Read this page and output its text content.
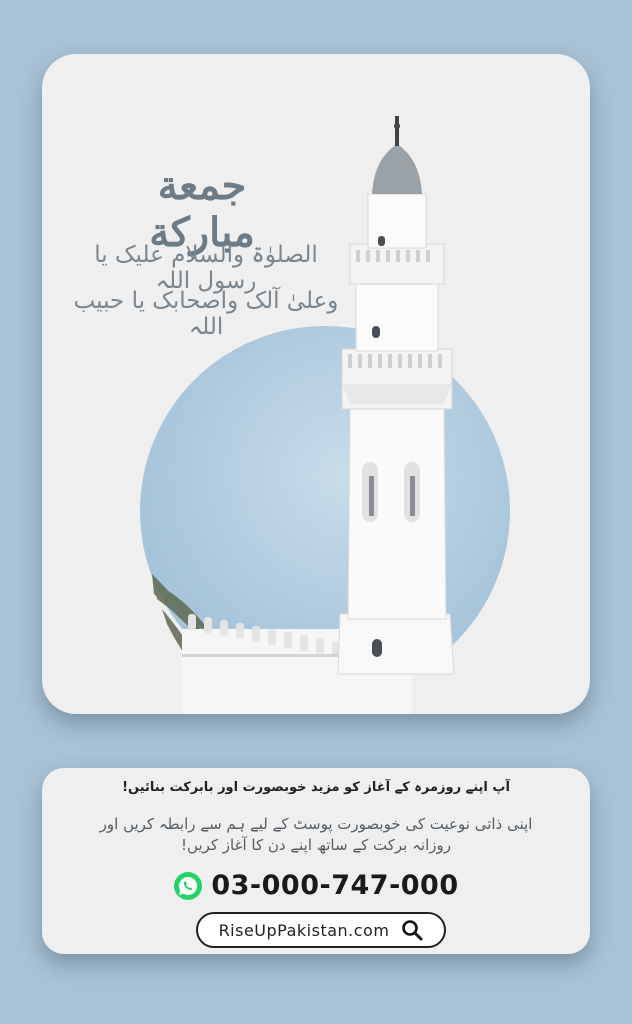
جمعة مباركة

الصلوٰۃ والسلام علیک یا رسول اللہ

وعلیٰ آلک واصحابک یا حبیب اللہ

آپ اپنے روزمرہ کے آغاز کو مزید خوبصورت اور بابرکت بنائیں!

اپنی ذاتی نوعیت کی خوبصورت پوسٹ کے لیے ہم سے رابطہ کریں اور روزانہ برکت کے ساتھ اپنے دن کا آغاز کریں!

03-000-747-000
RiseUpPakistan.com
